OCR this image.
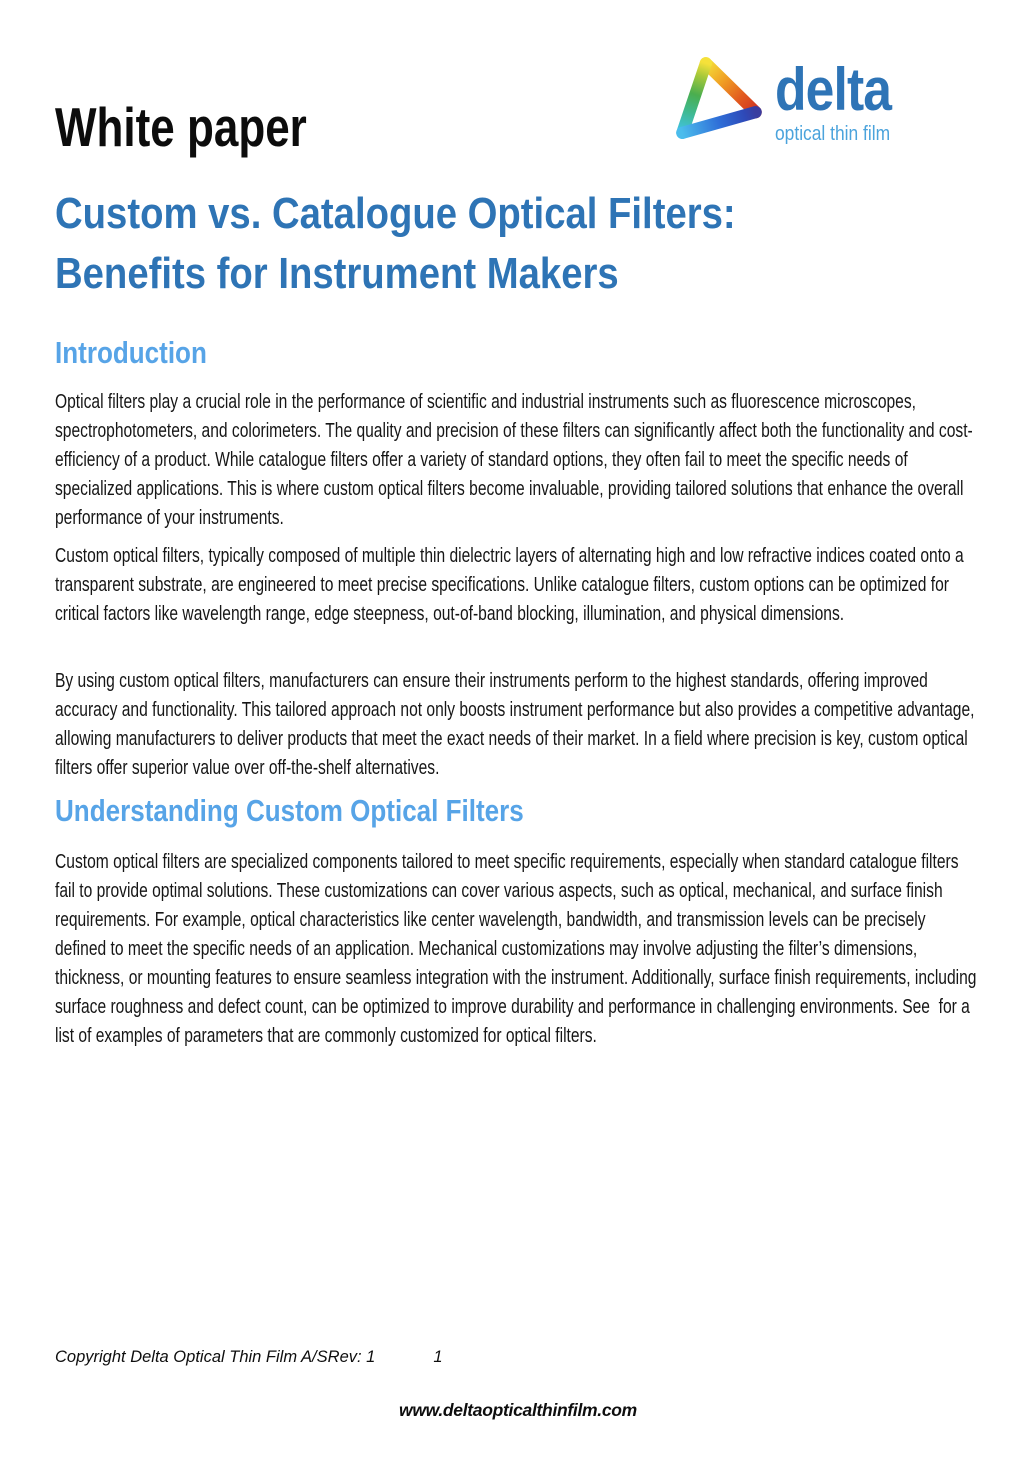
White paper
delta
optical thin film
Custom vs. Catalogue Optical Filters:
Benefits for Instrument Makers
Introduction

Optical filters play a crucial role in the performance of scientific and industrial instruments such as fluorescence microscopes, spectrophotometers, and colorimeters. The quality and precision of these filters can significantly affect both the functionality and cost-efficiency of a product. While catalogue filters offer a variety of standard options, they often fail to meet the specific needs of specialized applications. This is where custom optical filters become invaluable, providing tailored solutions that enhance the overall performance of your instruments.

Custom optical filters, typically composed of multiple thin dielectric layers of alternating high and low refractive indices coated onto a transparent substrate, are engineered to meet precise specifications. Unlike catalogue filters, custom options can be optimized for critical factors like wavelength range, edge steepness, out-of-band blocking, illumination, and physical dimensions.

By using custom optical filters, manufacturers can ensure their instruments perform to the highest standards, offering improved accuracy and functionality. This tailored approach not only boosts instrument performance but also provides a competitive advantage, allowing manufacturers to deliver products that meet the exact needs of their market. In a field where precision is key, custom optical filters offer superior value over off-the-shelf alternatives.

Understanding Custom Optical Filters

Custom optical filters are specialized components tailored to meet specific requirements, especially when standard catalogue filters fail to provide optimal solutions. These customizations can cover various aspects, such as optical, mechanical, and surface finish requirements. For example, optical characteristics like center wavelength, bandwidth, and transmission levels can be precisely defined to meet the specific needs of an application. Mechanical customizations may involve adjusting the filter’s dimensions, thickness, or mounting features to ensure seamless integration with the instrument. Additionally, surface finish requirements, including surface roughness and defect count, can be optimized to improve durability and performance in challenging environments. See  for a list of examples of parameters that are commonly customized for optical filters.

Copyright Delta Optical Thin Film A/S Rev: 1	1
www.deltaopticalthinfilm.com
